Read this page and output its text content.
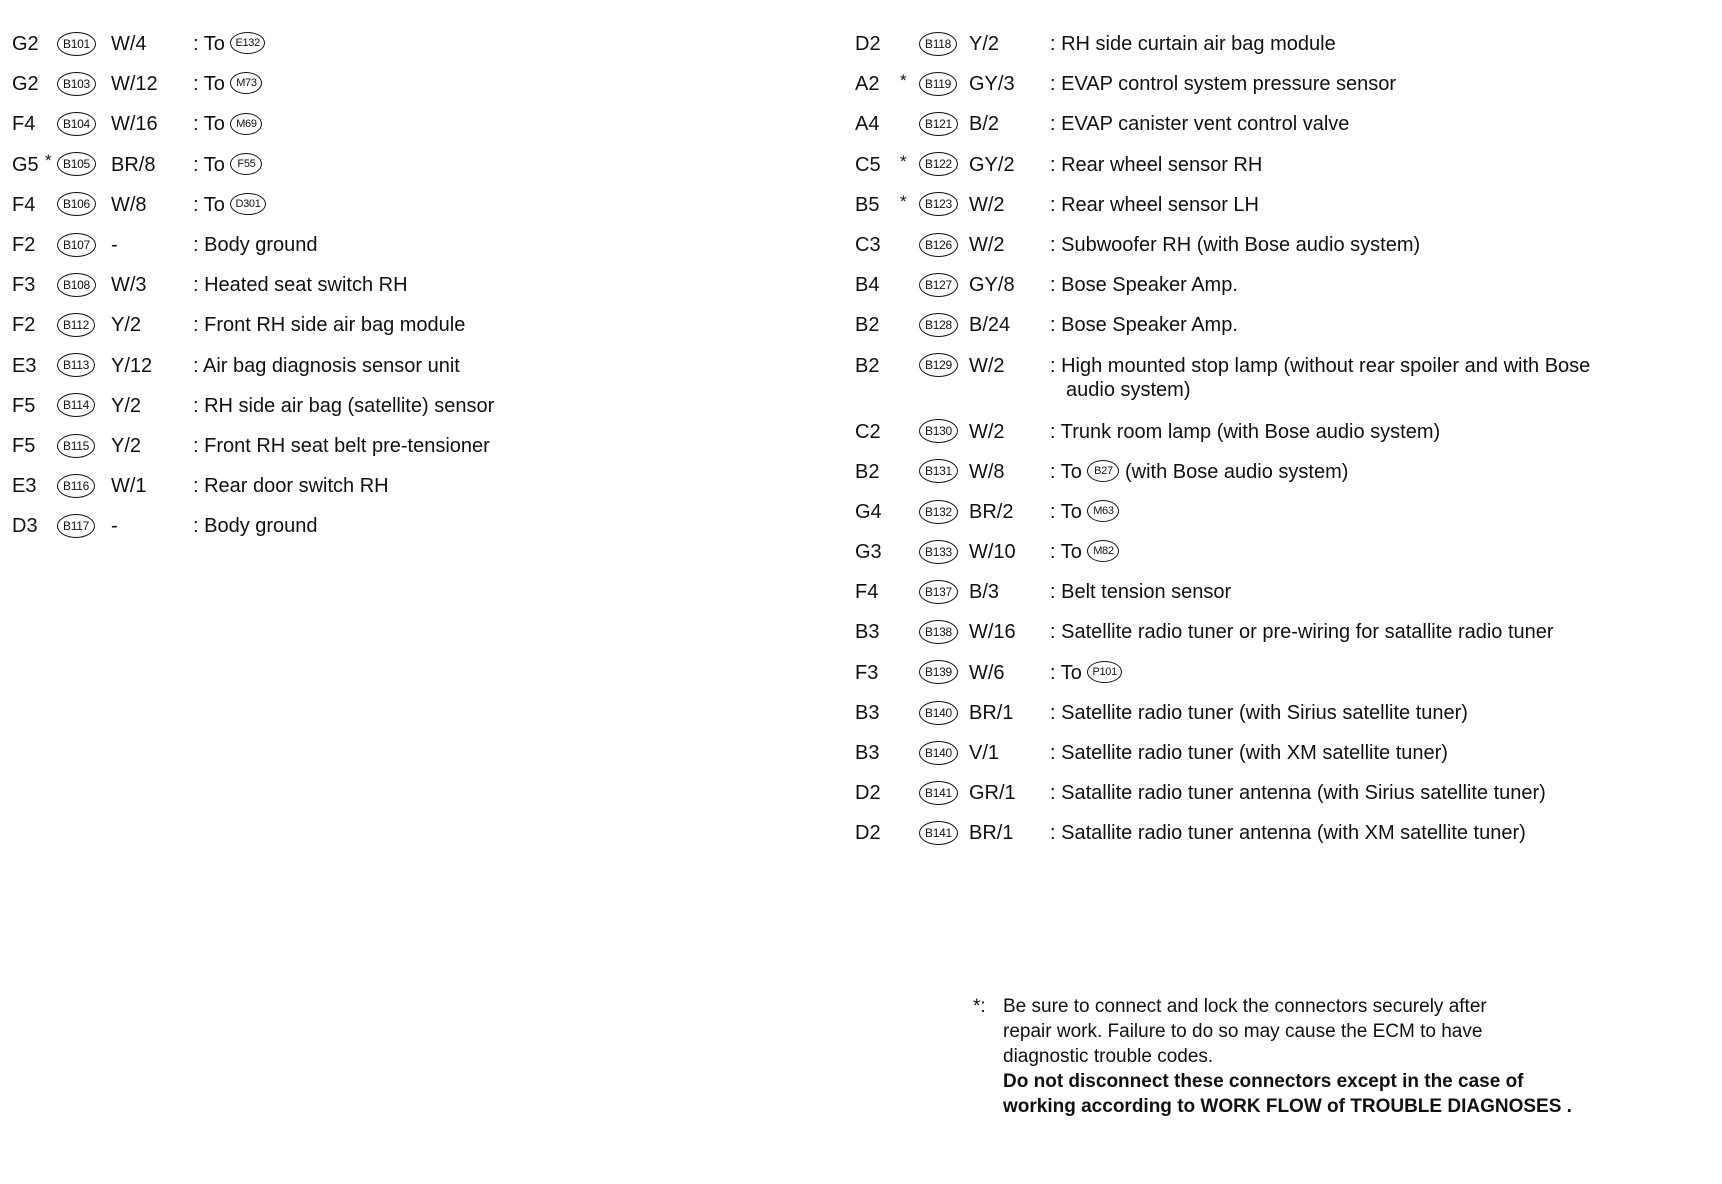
G2	B101	W/4 : To E132
G2	B103	W/12 : To M73
F4	B104	W/16 : To M69
G5 * B105	BR/8 : To F55
F4	B106	W/8 : To D301
F2	B107	-	: Body ground
F3	B108	W/3 : Heated seat switch RH
F2	B112	Y/2	: Front RH side air bag module
E3	B113	Y/12 : Air bag diagnosis sensor unit
F5	B114	Y/2	: RH side air bag (satellite) sensor
F5	B115	Y/2	: Front RH seat belt pre-tensioner
E3	B116	W/1 : Rear door switch RH
D3	B117	-	: Body ground
D2	B118 Y/2	: RH side curtain air bag module
A2	*	B119 GY/3 : EVAP control system pressure sensor
A4	B121 B/2	: EVAP canister vent control valve
C5	*	B122 GY/2 : Rear wheel sensor RH
B5	*	B123 W/2 : Rear wheel sensor LH
C3	B126 W/2 : Subwoofer RH (with Bose audio system)
B4	B127 GY/8 : Bose Speaker Amp.
B2	B128 B/24 : Bose Speaker Amp.
B2	B129 W/2 : High mounted stop lamp (without rear spoiler and with Bose
audio system)
C2	B130 W/2 : Trunk room lamp (with Bose audio system)
B2	B131 W/8 : To B27 (with Bose audio system)
G4	B132 BR/2 : To M63
G3	B133 W/10 : To M82
F4	B137 B/3	: Belt tension sensor
B3	B138 W/16 : Satellite radio tuner or pre-wiring for satallite radio tuner
F3	B139 W/6 : To P101
B3	B140 BR/1 : Satellite radio tuner (with Sirius satellite tuner)
B3	B140 V/1	: Satellite radio tuner (with XM satellite tuner)
D2	B141 GR/1 : Satallite radio tuner antenna (with Sirius satellite tuner)
D2	B141 BR/1 : Satallite radio tuner antenna (with XM satellite tuner)
*: Be sure to connect and lock the connectors securely after
repair work. Failure to do so may cause the ECM to have
diagnostic trouble codes.
Do not disconnect these connectors except in the case of
working according to WORK FLOW of TROUBLE DIAGNOSES .
